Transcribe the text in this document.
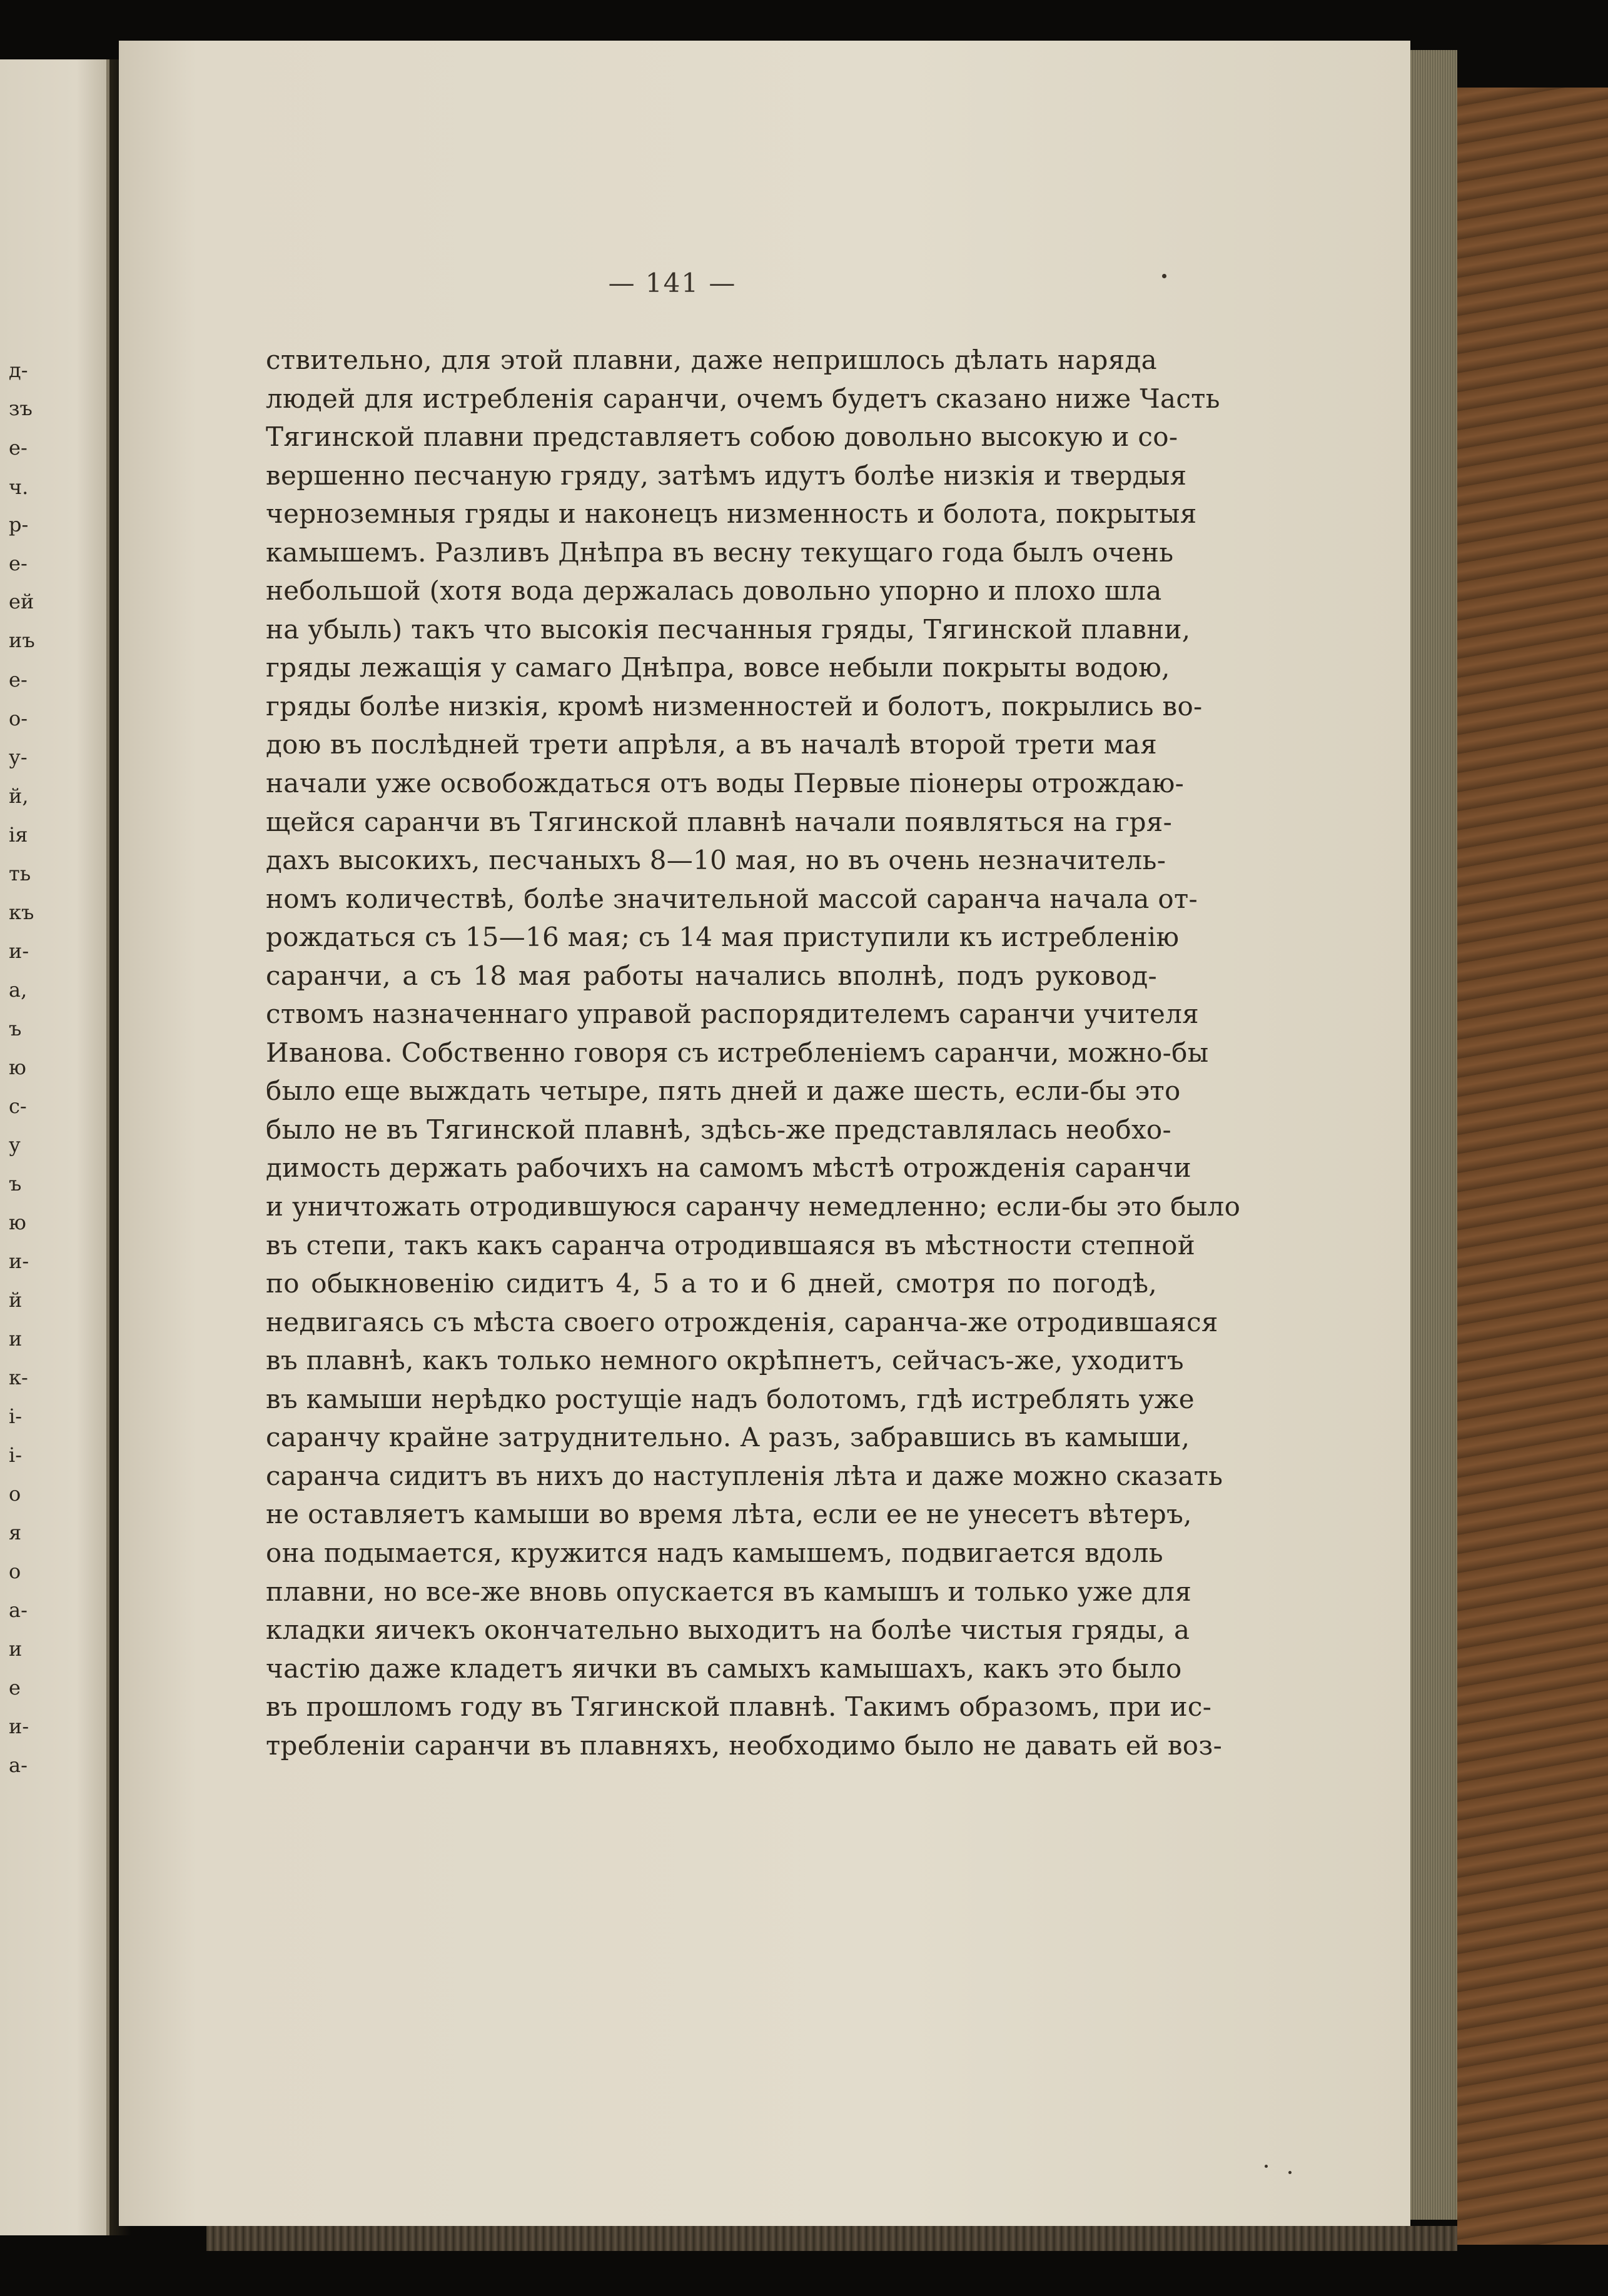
д-
зъ
е-
ч.
р-
е-
ей
иъ
е-
о-
у-
й,
ія
ть
къ
и-
а,
ъ
ю
с-
у
ъ
ю
и-
й
и
к-
і-
і-
о
я
о
а-
и
е
и-
а-
— 141 —
ствительно, для этой плавни, даже непришлось дѣлать наряда
людей для истребленія саранчи, очемъ будетъ сказано ниже Часть
Тягинской плавни представляетъ собою довольно высокую и со-
вершенно песчаную гряду, затѣмъ идутъ болѣе низкія и твердыя
черноземныя гряды и наконецъ низменность и болота, покрытыя
камышемъ. Разливъ Днѣпра въ весну текущаго года былъ очень
небольшой (хотя вода держалась довольно упорно и плохо шла
на убыль) такъ что высокія песчанныя гряды, Тягинской плавни,
гряды лежащія у самаго Днѣпра, вовсе небыли покрыты водою,
гряды болѣе низкія, кромѣ низменностей и болотъ, покрылись во-
дою въ послѣдней трети апрѣля, а въ началѣ второй трети мая
начали уже освобождаться отъ воды Первые піонеры отрождаю-
щейся саранчи въ Тягинской плавнѣ начали появляться на гря-
дахъ высокихъ, песчаныхъ 8—10 мая, но въ очень незначитель-
номъ количествѣ, болѣе значительной массой саранча начала от-
рождаться съ 15—16 мая; съ 14 мая приступили къ истребленію
саранчи, а съ 18 мая работы начались вполнѣ, подъ руковод-
ствомъ назначеннаго управой распорядителемъ саранчи учителя
Иванова. Собственно говоря съ истребленіемъ саранчи, можно-бы
было еще выждать четыре, пять дней и даже шесть, если-бы это
было не въ Тягинской плавнѣ, здѣсь-же представлялась необхо-
димость держать рабочихъ на самомъ мѣстѣ отрожденія саранчи
и уничтожать отродившуюся саранчу немедленно; если-бы это было
въ степи, такъ какъ саранча отродившаяся въ мѣстности степной
по обыкновенію сидитъ 4, 5 а то и 6 дней, смотря по погодѣ,
недвигаясь съ мѣста своего отрожденія, саранча-же отродившаяся
въ плавнѣ, какъ только немного окрѣпнетъ, сейчасъ-же, уходитъ
въ камыши нерѣдко ростущіе надъ болотомъ, гдѣ истреблять уже
саранчу крайне затруднительно. А разъ, забравшись въ камыши,
саранча сидитъ въ нихъ до наступленія лѣта и даже можно сказать
не оставляетъ камыши во время лѣта, если ее не унесетъ вѣтеръ,
она подымается, кружится надъ камышемъ, подвигается вдоль
плавни, но все-же вновь опускается въ камышъ и только уже для
кладки яичекъ окончательно выходитъ на болѣе чистыя гряды, а
частію даже кладетъ яички въ самыхъ камышахъ, какъ это было
въ прошломъ году въ Тягинской плавнѣ. Такимъ образомъ, при ис-
требленіи саранчи въ плавняхъ, необходимо было не давать ей воз-
